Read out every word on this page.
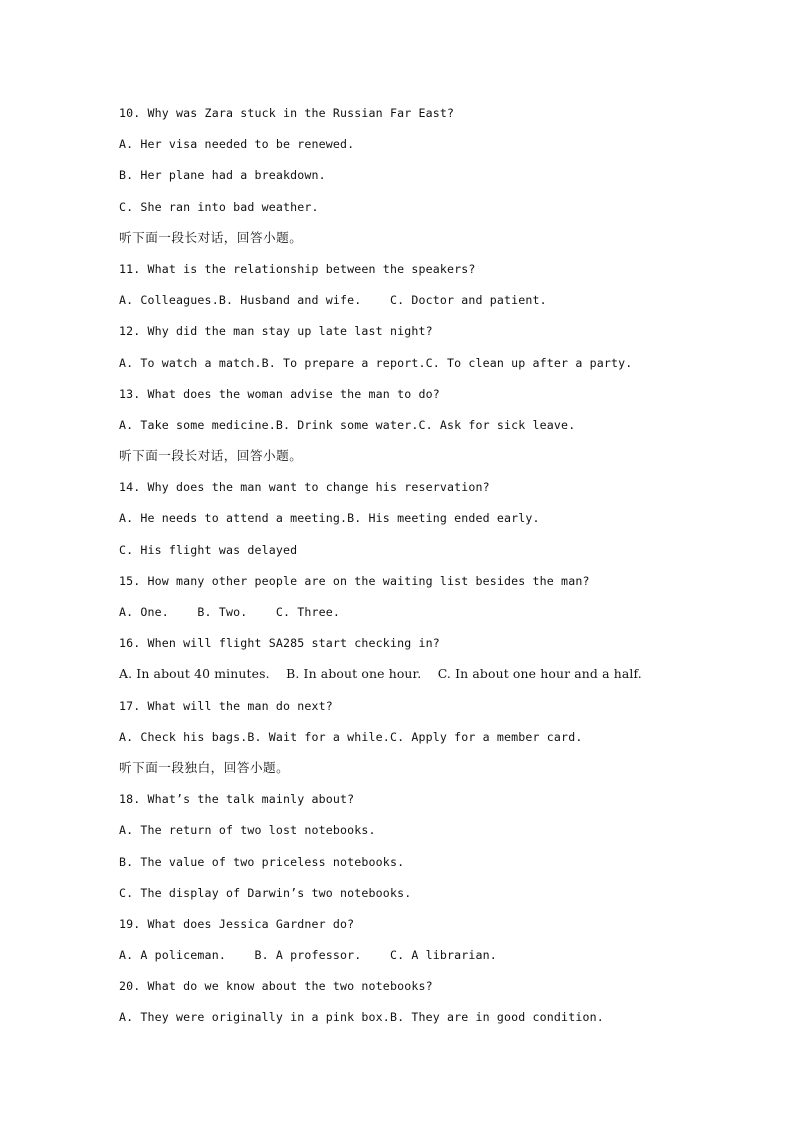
10. Why was Zara stuck in the Russian Far East?
A. Her visa needed to be renewed.
B. Her plane had a breakdown.
C. She ran into bad weather.
听下面一段长对话，回答小题。
11. What is the relationship between the speakers?
A. Colleagues.B. Husband and wife.    C. Doctor and patient.
12. Why did the man stay up late last night?
A. To watch a match.B. To prepare a report.C. To clean up after a party.
13. What does the woman advise the man to do?
A. Take some medicine.B. Drink some water.C. Ask for sick leave.
听下面一段长对话，回答小题。
14. Why does the man want to change his reservation?
A. He needs to attend a meeting.B. His meeting ended early.
C. His flight was delayed
15. How many other people are on the waiting list besides the man?
A. One.    B. Two.    C. Three.
16. When will flight SA285 start checking in?
A. In about 40 minutes.    B. In about one hour.    C. In about one hour and a half.
17. What will the man do next?
A. Check his bags.B. Wait for a while.C. Apply for a member card.
听下面一段独白，回答小题。
18. What’s the talk mainly about?
A. The return of two lost notebooks.
B. The value of two priceless notebooks.
C. The display of Darwin’s two notebooks.
19. What does Jessica Gardner do?
A. A policeman.    B. A professor.    C. A librarian.
20. What do we know about the two notebooks?
A. They were originally in a pink box.B. They are in good condition.
